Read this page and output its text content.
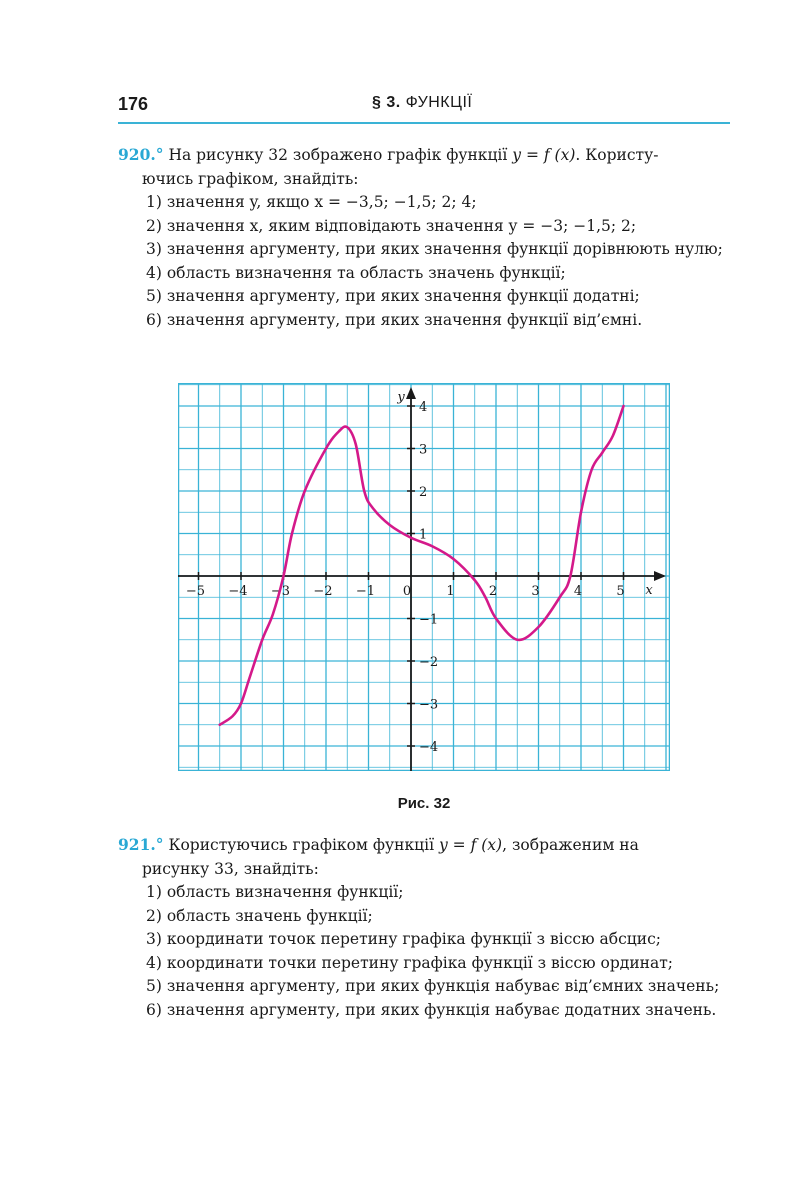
176	§ 3. ФУНКЦІЇ

920.° На рисунку 32 зображено графік функції y = f (x). Користу-

ючись графіком, знайдіть:

1) значення y, якщо x = −3,5; −1,5; 2; 4;

2) значення x, яким відповідають значення y = −3; −1,5; 2;

3) значення аргументу, при яких значення функції дорівнюють нулю;

4) область визначення та область значень функції;

5) значення аргументу, при яких значення функції додатні;

6) значення аргументу, при яких значення функції від’ємні.

−5 −4 −3 −2 −1 0	1	2	3	4	5
4
3
2
1
−1
−2
−3
−4
x
y
Рис. 32

921.° Користуючись графіком функції y = f (x), зображеним на

рисунку 33, знайдіть:

1) область визначення функції;

2) область значень функції;

3) координати точок перетину графіка функції з віссю абсцис;

4) координати точки перетину графіка функції з віссю ординат;

5) значення аргументу, при яких функція набуває від’ємних значень;

6) значення аргументу, при яких функція набуває додатних значень.
